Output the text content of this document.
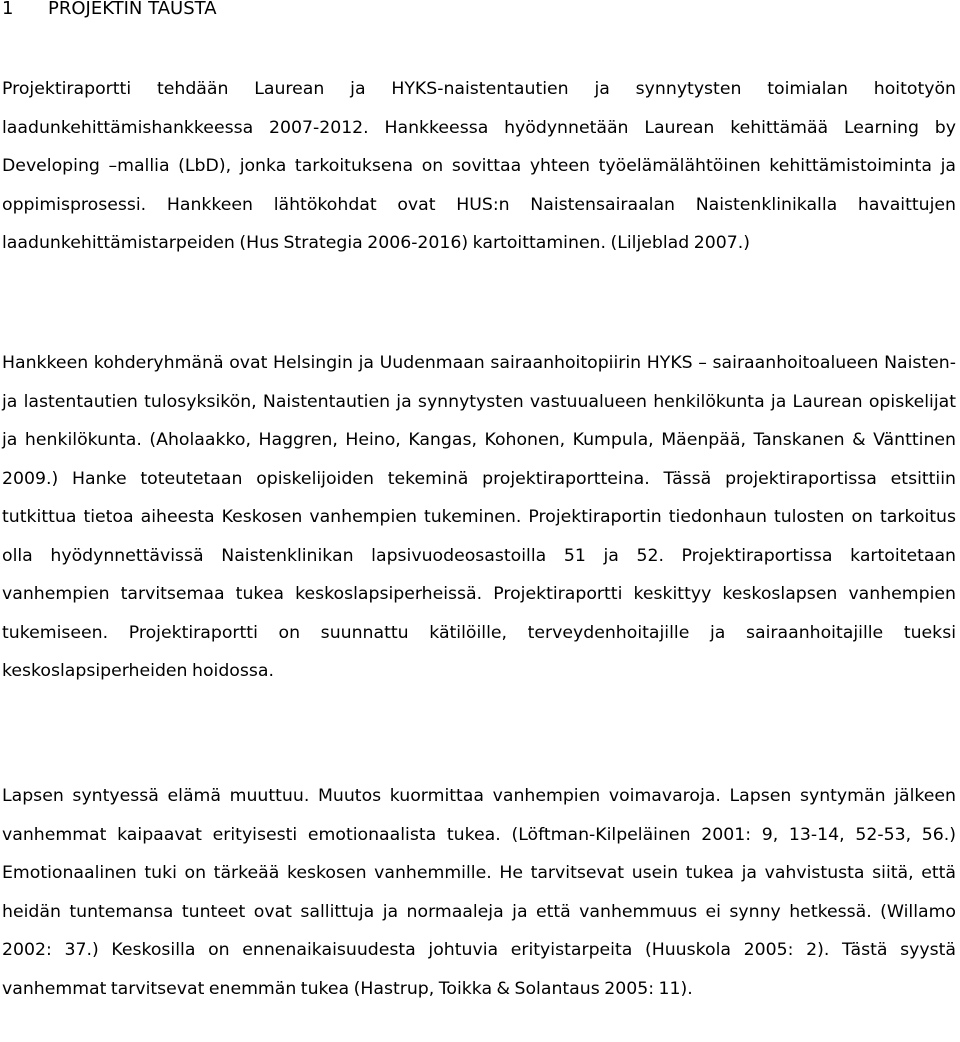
1 PROJEKTIN TAUSTA

Projektiraportti tehdään Laurean ja HYKS-naistentautien ja synnytysten toimialan hoitotyön laadunkehittämishankkeessa 2007-2012. Hankkeessa hyödynnetään Laurean kehittämää Learning by Developing –mallia (LbD), jonka tarkoituksena on sovittaa yhteen työelämälähtöinen kehittämistoiminta ja oppimisprosessi. Hankkeen lähtökohdat ovat HUS:n Naistensairaalan Naistenklinikalla havaittujen laadunkehittämistarpeiden (Hus Strategia 2006-2016) kartoittaminen. (Liljeblad 2007.)

Hankkeen kohderyhmänä ovat Helsingin ja Uudenmaan sairaanhoitopiirin HYKS – sairaanhoitoalueen Naisten- ja lastentautien tulosyksikön, Naistentautien ja synnytysten vastuualueen henkilökunta ja Laurean opiskelijat ja henkilökunta. (Aholaakko, Haggren, Heino, Kangas, Kohonen, Kumpula, Mäenpää, Tanskanen & Vänttinen 2009.) Hanke toteutetaan opiskelijoiden tekeminä projektiraportteina. Tässä projektiraportissa etsittiin tutkittua tietoa aiheesta Keskosen vanhempien tukeminen. Projektiraportin tiedonhaun tulosten on tarkoitus olla hyödynnettävissä Naistenklinikan lapsivuodeosastoilla 51 ja 52. Projektiraportissa kartoitetaan vanhempien tarvitsemaa tukea keskoslapsiperheissä. Projektiraportti keskittyy keskoslapsen vanhempien tukemiseen. Projektiraportti on suunnattu kätilöille, terveydenhoitajille ja sairaanhoitajille tueksi keskoslapsiperheiden hoidossa.

Lapsen syntyessä elämä muuttuu. Muutos kuormittaa vanhempien voimavaroja. Lapsen syntymän jälkeen vanhemmat kaipaavat erityisesti emotionaalista tukea. (Löftman-Kilpeläinen 2001: 9, 13-14, 52-53, 56.) Emotionaalinen tuki on tärkeää keskosen vanhemmille. He tarvitsevat usein tukea ja vahvistusta siitä, että heidän tuntemansa tunteet ovat sallittuja ja normaaleja ja että vanhemmuus ei synny hetkessä. (Willamo 2002: 37.) Keskosilla on ennenaikaisuudesta johtuvia erityistarpeita (Huuskola 2005: 2). Tästä syystä vanhemmat tarvitsevat enemmän tukea (Hastrup, Toikka & Solantaus 2005: 11).
